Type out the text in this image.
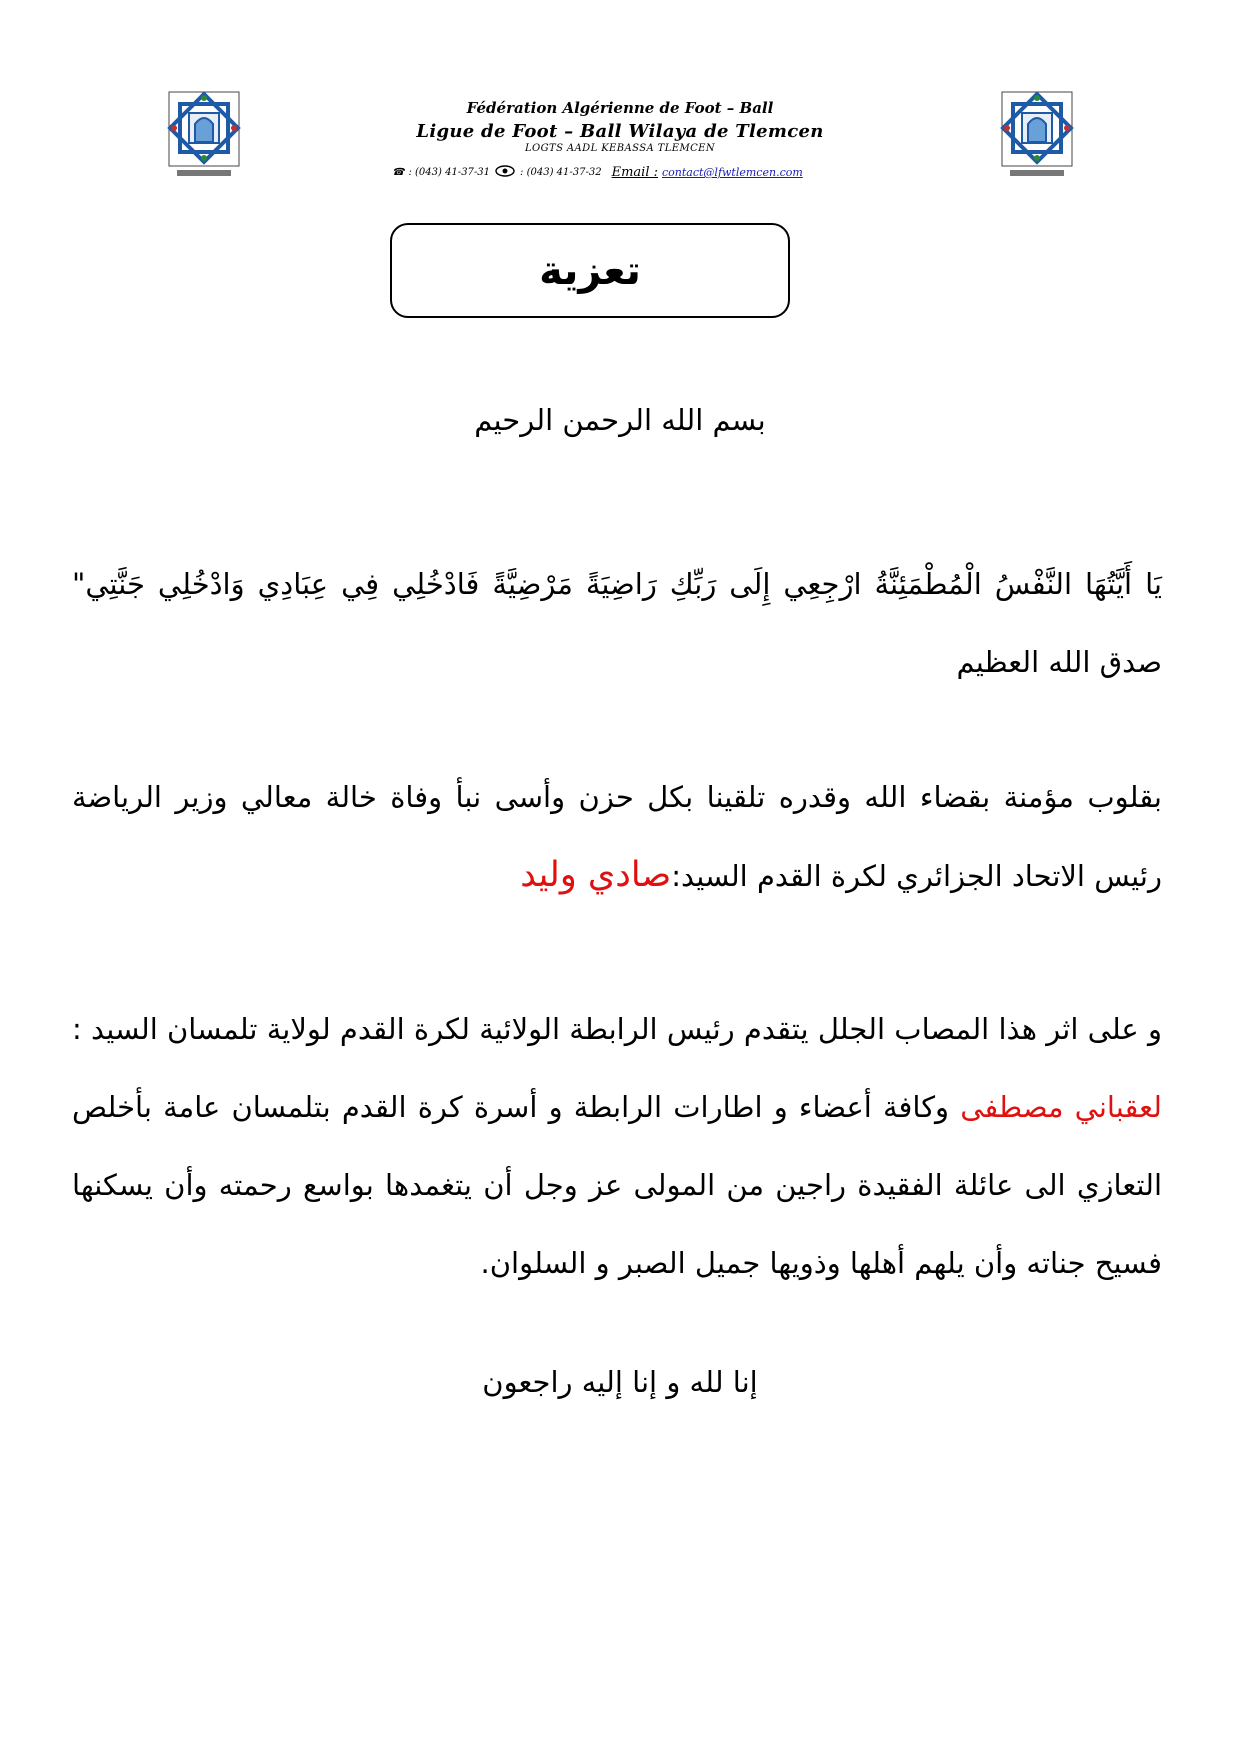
Fédération Algérienne de Foot – Ball
Ligue de Foot – Ball Wilaya de Tlemcen
LOGTS AADL KEBASSA TLEMCEN
☎ : (043) 41-37-31	: (043) 41-37-32 Email : contact@lfwtlemcen.com
تعزية
بسم الله الرحمن الرحيم
يَا أَيَّتُهَا النَّفْسُ الْمُطْمَئِنَّةُ ارْجِعِي إِلَى رَبِّكِ رَاضِيَةً مَرْضِيَّةً فَادْخُلِي فِي عِبَادِي وَادْخُلِي جَنَّتِي" صدق الله العظيم
بقلوب مؤمنة بقضاء الله وقدره تلقينا بكل حزن وأسى نبأ وفاة خالة معالي وزير الرياضة رئيس الاتحاد الجزائري لكرة القدم السيد:صادي وليد
و على اثر هذا المصاب الجلل يتقدم رئيس الرابطة الولائية لكرة القدم لولاية تلمسان السيد : لعقباني مصطفى وكافة أعضاء و اطارات الرابطة و أسرة كرة القدم بتلمسان عامة بأخلص التعازي الى عائلة الفقيدة راجين من المولى عز وجل أن يتغمدها بواسع رحمته وأن يسكنها فسيح جناته وأن يلهم أهلها وذويها جميل الصبر و السلوان.
إنا لله و إنا إليه راجعون
